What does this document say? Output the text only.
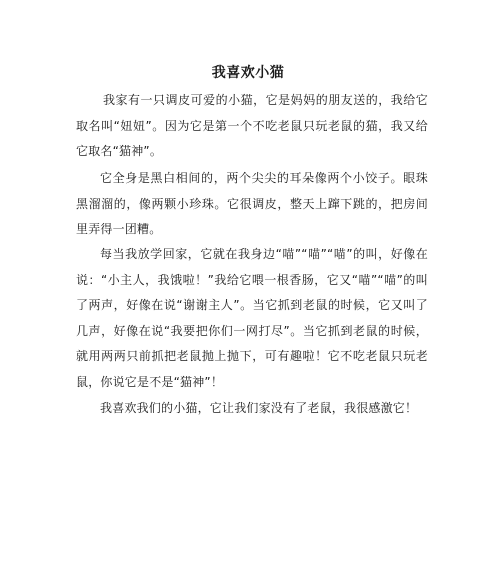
我喜欢小猫

我家有一只调皮可爱的小猫，它是妈妈的朋友送的，我给它取名叫“妞妞”。因为它是第一个不吃老鼠只玩老鼠的猫，我又给它取名“猫神”。

它全身是黑白相间的，两个尖尖的耳朵像两个小饺子。眼珠黑溜溜的，像两颗小珍珠。它很调皮，整天上蹿下跳的，把房间里弄得一团糟。

每当我放学回家，它就在我身边“喵”“喵”“喵”的叫，好像在说：“小主人，我饿啦！”我给它喂一根香肠，它又“喵”“喵”的叫了两声，好像在说“谢谢主人”。当它抓到老鼠的时候，它又叫了几声，好像在说“我要把你们一网打尽”。当它抓到老鼠的时候，就用两两只前抓把老鼠抛上抛下，可有趣啦！它不吃老鼠只玩老鼠，你说它是不是“猫神”！

我喜欢我们的小猫，它让我们家没有了老鼠，我很感激它！
